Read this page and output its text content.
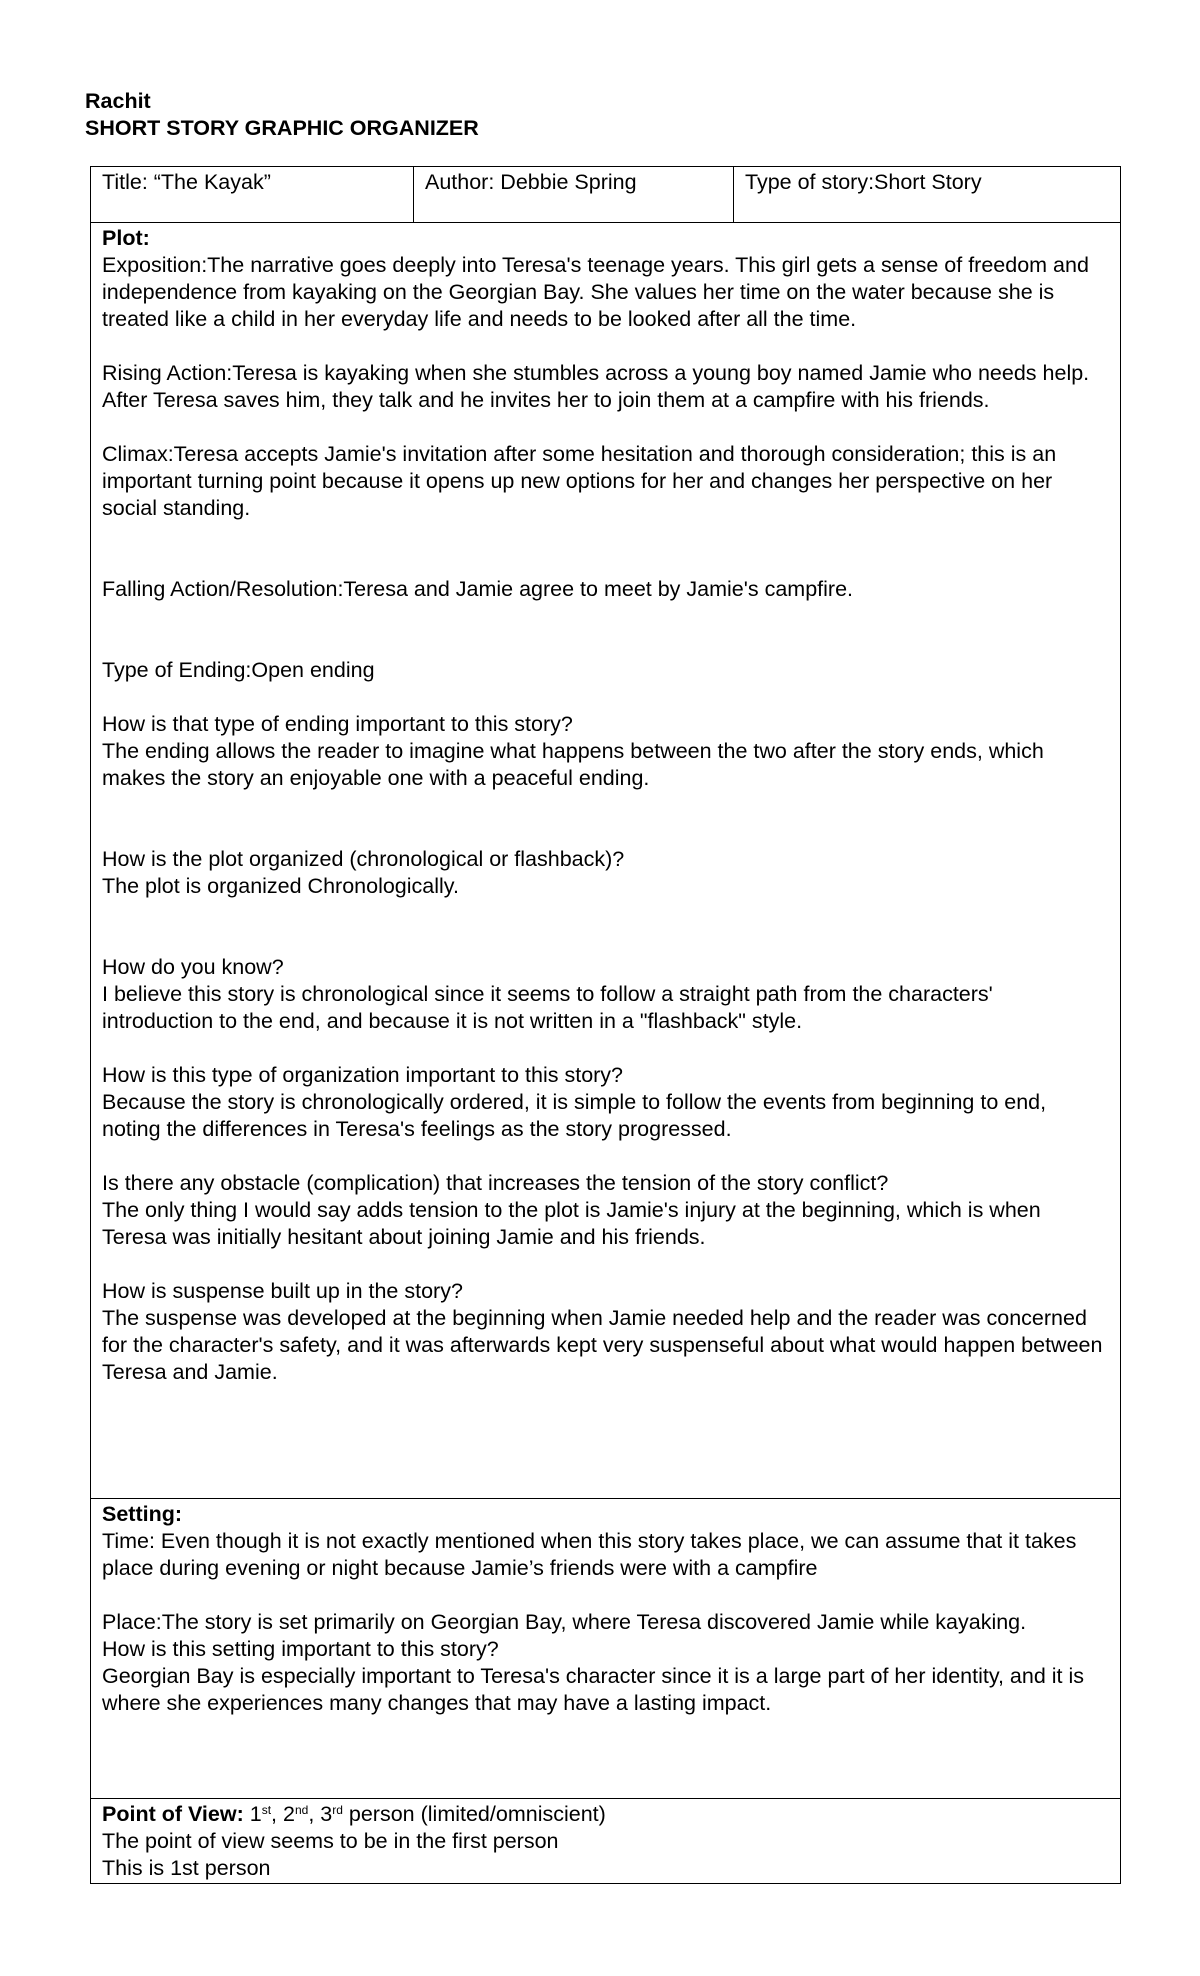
Rachit
SHORT STORY GRAPHIC ORGANIZER
Title: “The Kayak”	Author: Debbie Spring	Type of story:Short Story

Plot:

Exposition:The narrative goes deeply into Teresa's teenage years. This girl gets a sense of freedom and independence from kayaking on the Georgian Bay. She values her time on the water because she is treated like a child in her everyday life and needs to be looked after all the time.

Rising Action:Teresa is kayaking when she stumbles across a young boy named Jamie who needs help. After Teresa saves him, they talk and he invites her to join them at a campfire with his friends.

Climax:Teresa accepts Jamie's invitation after some hesitation and thorough consideration; this is an important turning point because it opens up new options for her and changes her perspective on her social standing.

Falling Action/Resolution:Teresa and Jamie agree to meet by Jamie's campfire.

Type of Ending:Open ending

How is that type of ending important to this story?

The ending allows the reader to imagine what happens between the two after the story ends, which makes the story an enjoyable one with a peaceful ending.

How is the plot organized (chronological or flashback)?

The plot is organized Chronologically.

How do you know?

I believe this story is chronological since it seems to follow a straight path from the characters' introduction to the end, and because it is not written in a "flashback" style.

How is this type of organization important to this story?

Because the story is chronologically ordered, it is simple to follow the events from beginning to end, noting the differences in Teresa's feelings as the story progressed.

Is there any obstacle (complication) that increases the tension of the story conflict?

The only thing I would say adds tension to the plot is Jamie's injury at the beginning, which is when Teresa was initially hesitant about joining Jamie and his friends.

How is suspense built up in the story?

The suspense was developed at the beginning when Jamie needed help and the reader was concerned for the character's safety, and it was afterwards kept very suspenseful about what would happen between Teresa and Jamie.

Setting:

Time: Even though it is not exactly mentioned when this story takes place, we can assume that it takes place during evening or night because Jamie’s friends were with a campfire

Place:The story is set primarily on Georgian Bay, where Teresa discovered Jamie while kayaking.

How is this setting important to this story?

Georgian Bay is especially important to Teresa's character since it is a large part of her identity, and it is where she experiences many changes that may have a lasting impact.

Point of View: 1st, 2nd, 3rd person (limited/omniscient)

The point of view seems to be in the first person

This is 1st person
